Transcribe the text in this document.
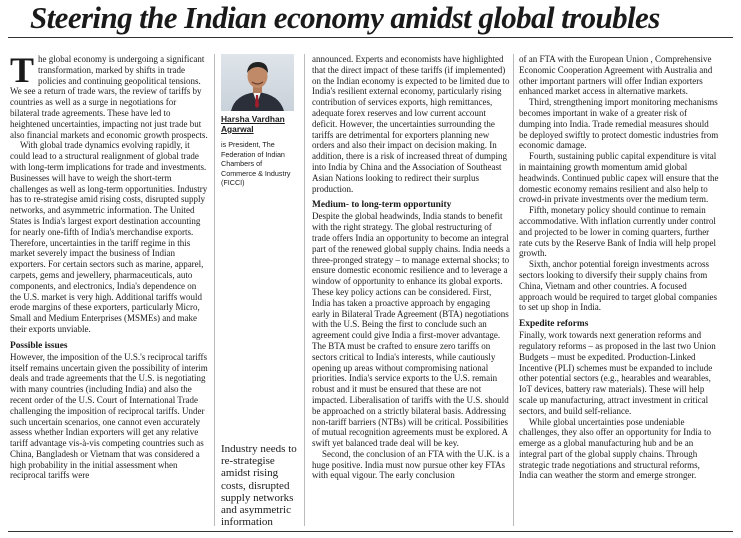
Steering the Indian economy amidst global troubles

The global economy is undergoing a significant transformation, marked by shifts in trade policies and continuing geopolitical tensions. We see a return of trade wars, the review of tariffs by countries as well as a surge in negotiations for bilateral trade agreements. These have led to heightened uncertainties, impacting not just trade but also financial markets and economic growth prospects.

With global trade dynamics evolving rapidly, it could lead to a structural realignment of global trade with long-term implications for trade and investments. Businesses will have to weigh the short-term challenges as well as long-term opportunities. Industry has to re-strategise amid rising costs, disrupted supply networks, and asymmetric information. The United States is India's largest export destination accounting for nearly one-fifth of India's merchandise exports. Therefore, uncertainties in the tariff regime in this market severely impact the business of Indian exporters. For certain sectors such as marine, apparel, carpets, gems and jewellery, pharmaceuticals, auto components, and electronics, India's dependence on the U.S. market is very high. Additional tariffs would erode margins of these exporters, particularly Micro, Small and Medium Enterprises (MSMEs) and make their exports unviable.

Possible issues

However, the imposition of the U.S.'s reciprocal tariffs itself remains uncertain given the possibility of interim deals and trade agreements that the U.S. is negotiating with many countries (including India) and also the recent order of the U.S. Court of International Trade challenging the imposition of reciprocal tariffs. Under such uncertain scenarios, one cannot even accurately assess whether Indian exporters will get any relative tariff advantage vis-à-vis competing countries such as China, Bangladesh or Vietnam that was considered a high probability in the initial assessment when reciprocal tariffs were

Harsha Vardhan Agarwal
is President, The Federation of Indian Chambers of Commerce & Industry (FICCI)
Industry needs to re-strategise amidst rising costs, disrupted supply networks and asymmetric information

announced. Experts and economists have highlighted that the direct impact of these tariffs (if implemented) on the Indian economy is expected to be limited due to India's resilient external economy, particularly rising contribution of services exports, high remittances, adequate forex reserves and low current account deficit. However, the uncertainties surrounding the tariffs are detrimental for exporters planning new orders and also their impact on decision making. In addition, there is a risk of increased threat of dumping into India by China and the Association of Southeast Asian Nations looking to redirect their surplus production.

Medium- to long-term opportunity

Despite the global headwinds, India stands to benefit with the right strategy. The global restructuring of trade offers India an opportunity to become an integral part of the renewed global supply chains. India needs a three-pronged strategy – to manage external shocks; to ensure domestic economic resilience and to leverage a window of opportunity to enhance its global exports. These key policy actions can be considered. First, India has taken a proactive approach by engaging early in Bilateral Trade Agreement (BTA) negotiations with the U.S. Being the first to conclude such an agreement could give India a first-mover advantage. The BTA must be crafted to ensure zero tariffs on sectors critical to India's interests, while cautiously opening up areas without compromising national priorities. India's service exports to the U.S. remain robust and it must be ensured that these are not impacted. Liberalisation of tariffs with the U.S. should be approached on a strictly bilateral basis. Addressing non-tariff barriers (NTBs) will be critical. Possibilities of mutual recognition agreements must be explored. A swift yet balanced trade deal will be key.

Second, the conclusion of an FTA with the U.K. is a huge positive. India must now pursue other key FTAs with equal vigour. The early conclusion

of an FTA with the European Union , Comprehensive Economic Cooperation Agreement with Australia and other important partners will offer Indian exporters enhanced market access in alternative markets.

Third, strengthening import monitoring mechanisms becomes important in wake of a greater risk of dumping into India. Trade remedial measures should be deployed swiftly to protect domestic industries from economic damage.

Fourth, sustaining public capital expenditure is vital in maintaining growth momentum amid global headwinds. Continued public capex will ensure that the domestic economy remains resilient and also help to crowd-in private investments over the medium term.

Fifth, monetary policy should continue to remain accommodative. With inflation currently under control and projected to be lower in coming quarters, further rate cuts by the Reserve Bank of India will help propel growth.

Sixth, anchor potential foreign investments across sectors looking to diversify their supply chains from China, Vietnam and other countries. A focused approach would be required to target global companies to set up shop in India.

Expedite reforms

Finally, work towards next generation reforms and regulatory reforms – as proposed in the last two Union Budgets – must be expedited. Production-Linked Incentive (PLI) schemes must be expanded to include other potential sectors (e.g., hearables and wearables, IoT devices, battery raw materials). These will help scale up manufacturing, attract investment in critical sectors, and build self-reliance.

While global uncertainties pose undeniable challenges, they also offer an opportunity for India to emerge as a global manufacturing hub and be an integral part of the global supply chains. Through strategic trade negotiations and structural reforms, India can weather the storm and emerge stronger.
